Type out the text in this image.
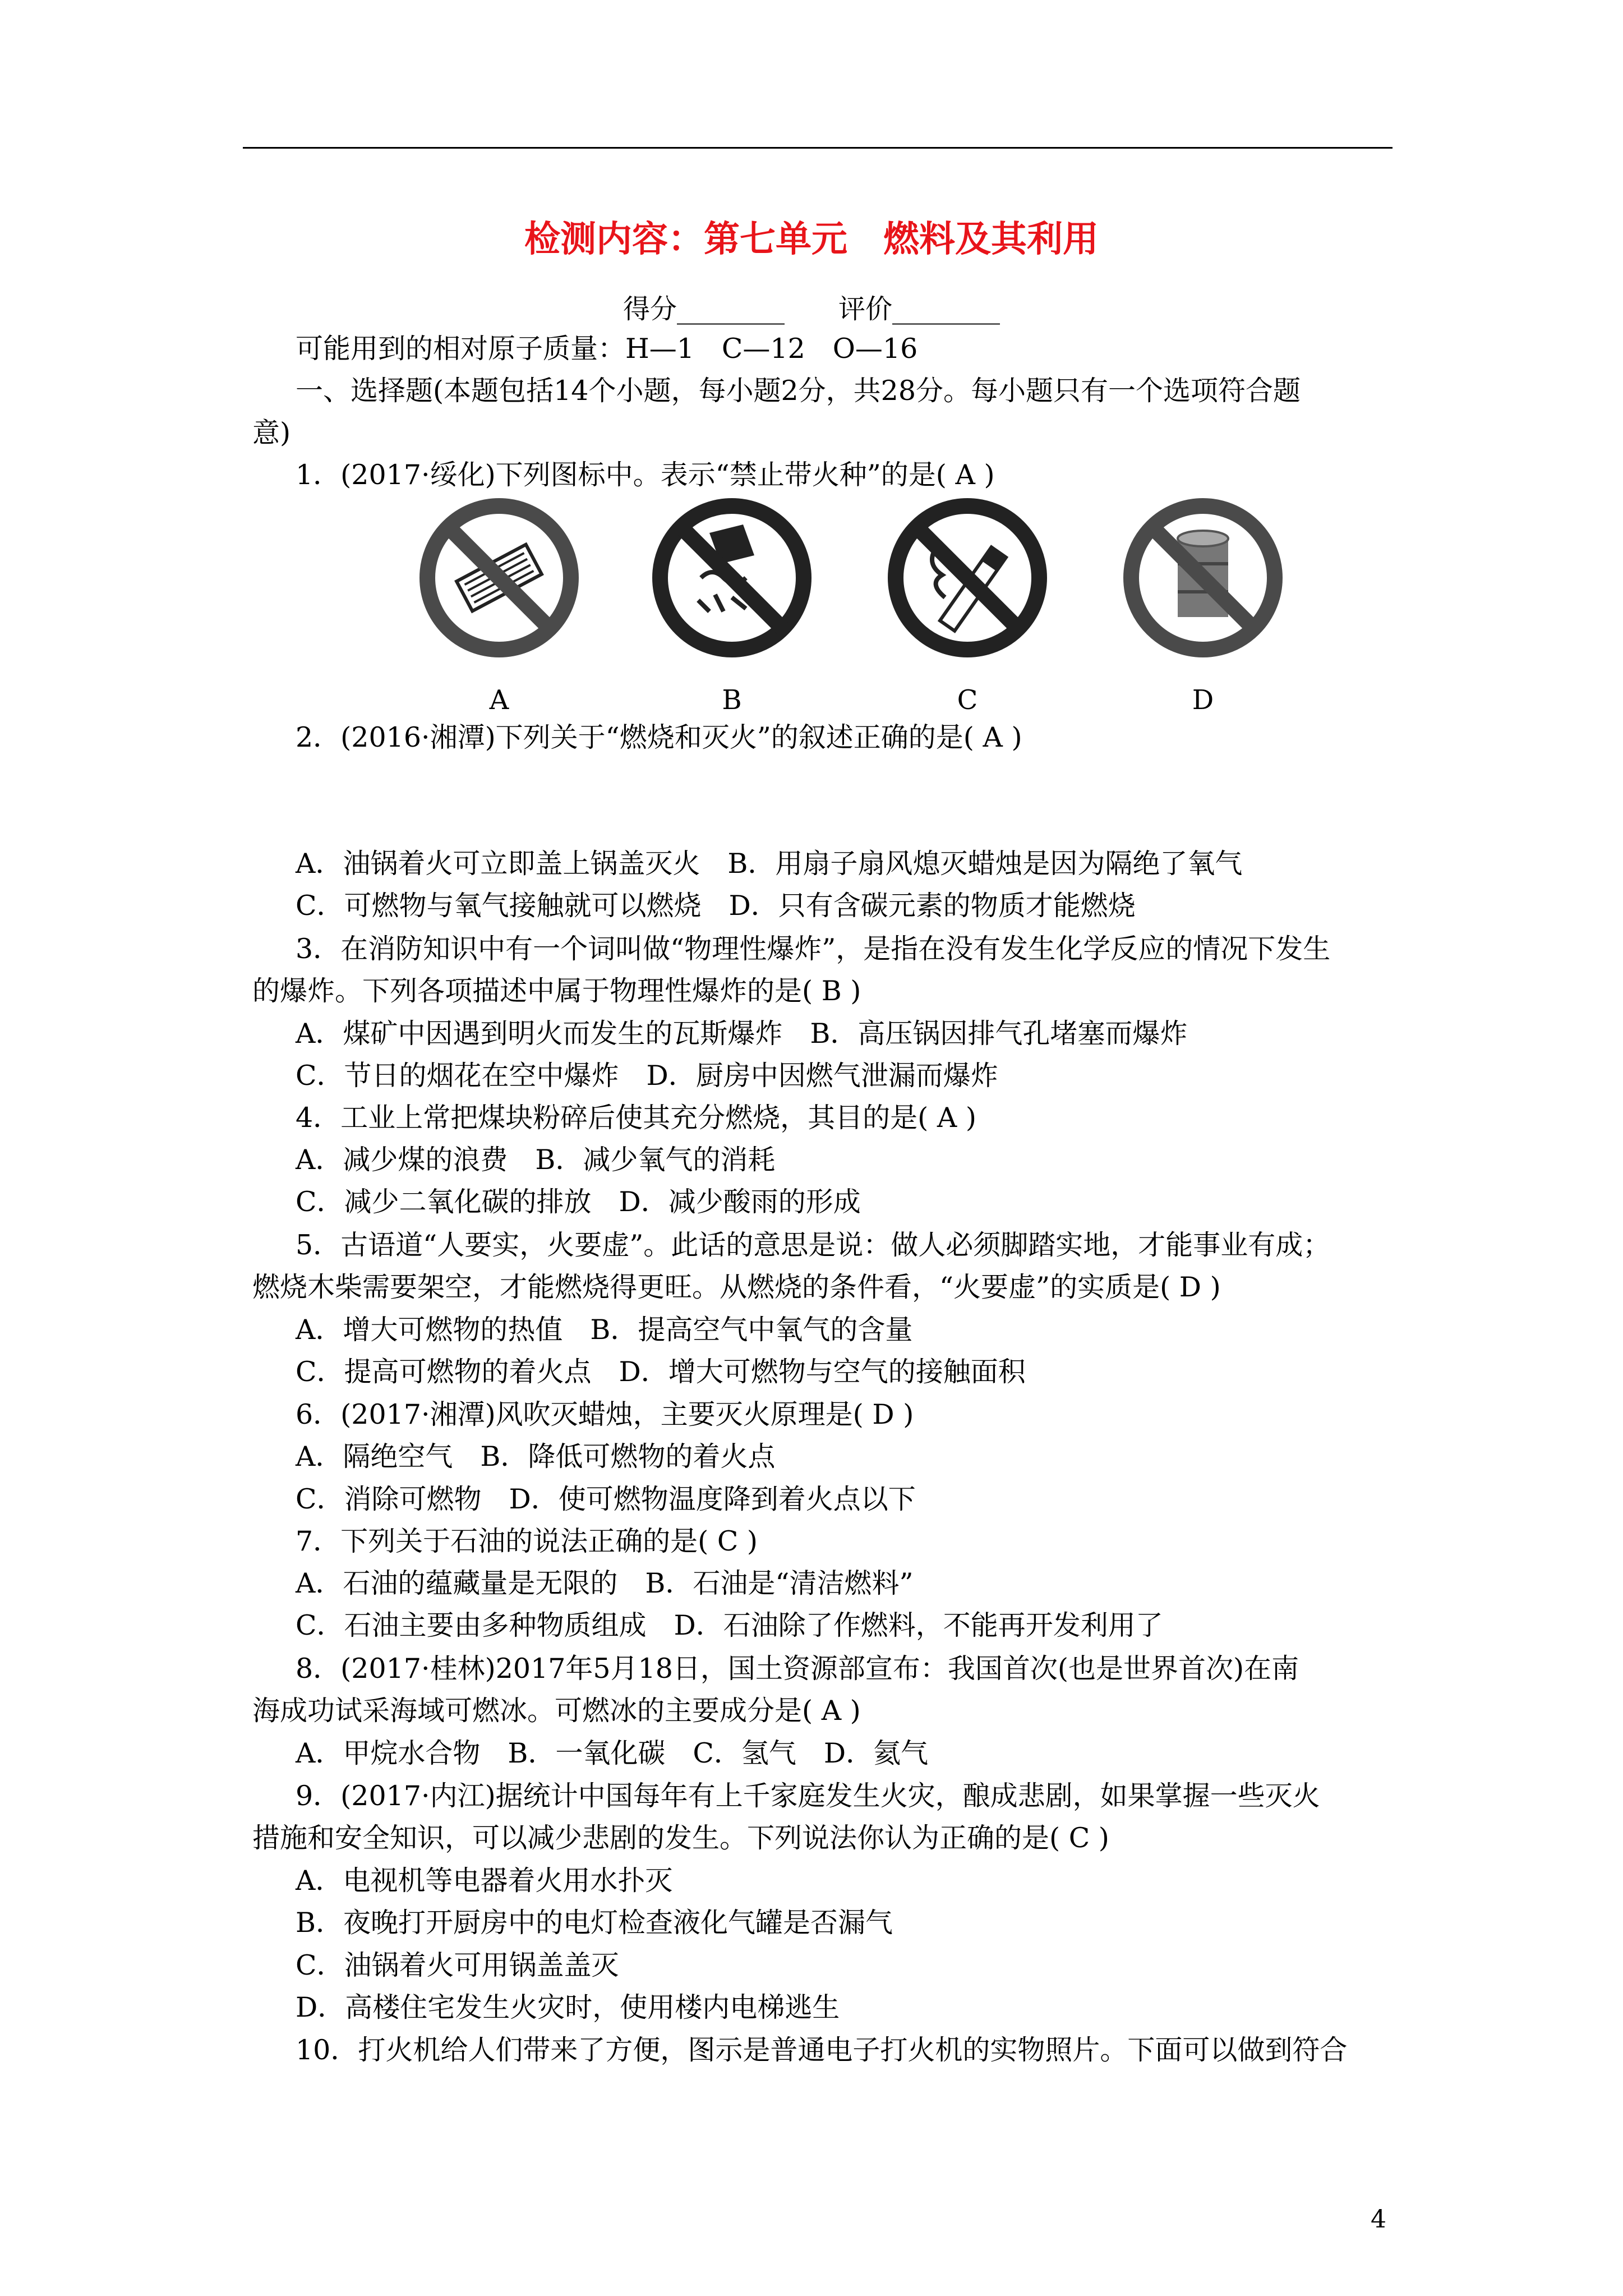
检测内容：第七单元　燃料及其利用
得分________　　评价________
可能用到的相对原子质量：H—1　C—12　O—16
一、选择题(本题包括14个小题，每小题2分，共28分。每小题只有一个选项符合题
意)
1．(2017·绥化)下列图标中。表示“禁止带火种”的是( A )
A	B	C	D
2．(2016·湘潭)下列关于“燃烧和灭火”的叙述正确的是( A )
A．油锅着火可立即盖上锅盖灭火　B．用扇子扇风熄灭蜡烛是因为隔绝了氧气
C．可燃物与氧气接触就可以燃烧　D．只有含碳元素的物质才能燃烧
3．在消防知识中有一个词叫做“物理性爆炸”，是指在没有发生化学反应的情况下发生
的爆炸。下列各项描述中属于物理性爆炸的是( B )
A．煤矿中因遇到明火而发生的瓦斯爆炸　B．高压锅因排气孔堵塞而爆炸
C．节日的烟花在空中爆炸　D．厨房中因燃气泄漏而爆炸
4．工业上常把煤块粉碎后使其充分燃烧，其目的是( A )
A．减少煤的浪费　B．减少氧气的消耗
C．减少二氧化碳的排放　D．减少酸雨的形成
5．古语道“人要实，火要虚”。此话的意思是说：做人必须脚踏实地，才能事业有成；
燃烧木柴需要架空，才能燃烧得更旺。从燃烧的条件看，“火要虚”的实质是( D )
A．增大可燃物的热值　B．提高空气中氧气的含量
C．提高可燃物的着火点　D．增大可燃物与空气的接触面积
6．(2017·湘潭)风吹灭蜡烛，主要灭火原理是( D )
A．隔绝空气　B．降低可燃物的着火点
C．消除可燃物　D．使可燃物温度降到着火点以下
7．下列关于石油的说法正确的是( C )
A．石油的蕴藏量是无限的　B．石油是“清洁燃料”
C．石油主要由多种物质组成　D．石油除了作燃料，不能再开发利用了
8．(2017·桂林)2017年5月18日，国土资源部宣布：我国首次(也是世界首次)在南
海成功试采海域可燃冰。可燃冰的主要成分是( A )
A．甲烷水合物　B．一氧化碳　C．氢气　D．氦气
9．(2017·内江)据统计中国每年有上千家庭发生火灾，酿成悲剧，如果掌握一些灭火
措施和安全知识，可以减少悲剧的发生。下列说法你认为正确的是( C )
A．电视机等电器着火用水扑灭
B．夜晚打开厨房中的电灯检查液化气罐是否漏气
C．油锅着火可用锅盖盖灭
D．高楼住宅发生火灾时，使用楼内电梯逃生
10．打火机给人们带来了方便，图示是普通电子打火机的实物照片。下面可以做到符合
4
